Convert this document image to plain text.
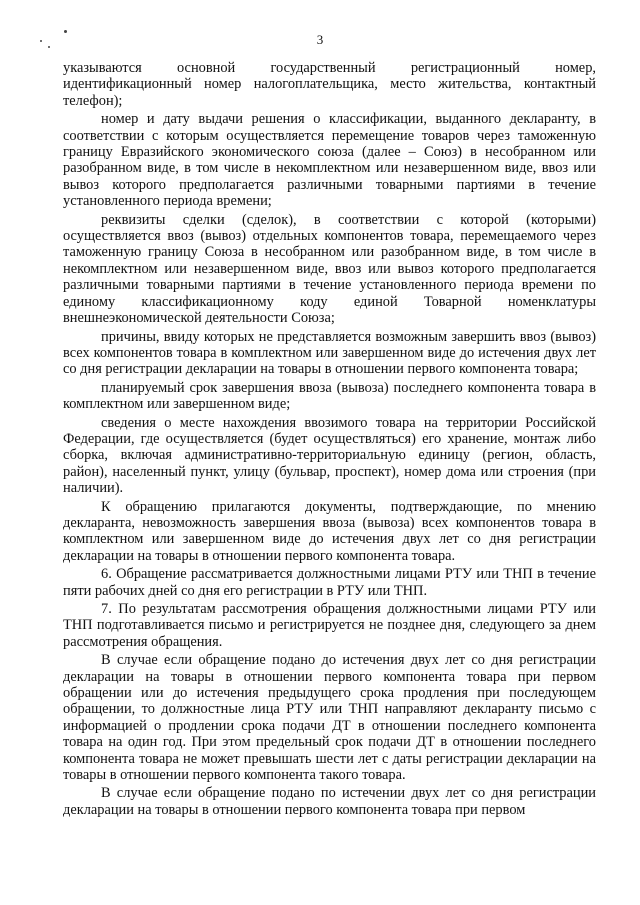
3

указываются основной государственный регистрационный номер, идентификационный номер налогоплательщика, место жительства, контактный телефон);

номер и дату выдачи решения о классификации, выданного декларанту, в соответствии с которым осуществляется перемещение товаров через таможенную границу Евразийского экономического союза (далее – Союз) в несобранном или разобранном виде, в том числе в некомплектном или незавершенном виде, ввоз или вывоз которого предполагается различными товарными партиями в течение установленного периода времени;

реквизиты сделки (сделок), в соответствии с которой (которыми) осуществляется ввоз (вывоз) отдельных компонентов товара, перемещаемого через таможенную границу Союза в несобранном или разобранном виде, в том числе в некомплектном или незавершенном виде, ввоз или вывоз которого предполагается различными товарными партиями в течение установленного периода времени по единому классификационному коду единой Товарной номенклатуры внешнеэкономической деятельности Союза;

причины, ввиду которых не представляется возможным завершить ввоз (вывоз) всех компонентов товара в комплектном или завершенном виде до истечения двух лет со дня регистрации декларации на товары в отношении первого компонента товара;

планируемый срок завершения ввоза (вывоза) последнего компонента товара в комплектном или завершенном виде;

сведения о месте нахождения ввозимого товара на территории Российской Федерации, где осуществляется (будет осуществляться) его хранение, монтаж либо сборка, включая административно-территориальную единицу (регион, область, район), населенный пункт, улицу (бульвар, проспект), номер дома или строения (при наличии).

К обращению прилагаются документы, подтверждающие, по мнению декларанта, невозможность завершения ввоза (вывоза) всех компонентов товара в комплектном или завершенном виде до истечения двух лет со дня регистрации декларации на товары в отношении первого компонента товара.

6. Обращение рассматривается должностными лицами РТУ или ТНП в течение пяти рабочих дней со дня его регистрации в РТУ или ТНП.

7. По результатам рассмотрения обращения должностными лицами РТУ или ТНП подготавливается письмо и регистрируется не позднее дня, следующего за днем рассмотрения обращения.

В случае если обращение подано до истечения двух лет со дня регистрации декларации на товары в отношении первого компонента товара при первом обращении или до истечения предыдущего срока продления при последующем обращении, то должностные лица РТУ или ТНП направляют декларанту письмо с информацией о продлении срока подачи ДТ в отношении последнего компонента товара на один год. При этом предельный срок подачи ДТ в отношении последнего компонента товара не может превышать шести лет с даты регистрации декларации на товары в отношении первого компонента такого товара.

В случае если обращение подано по истечении двух лет со дня регистрации декларации на товары в отношении первого компонента товара при первом
